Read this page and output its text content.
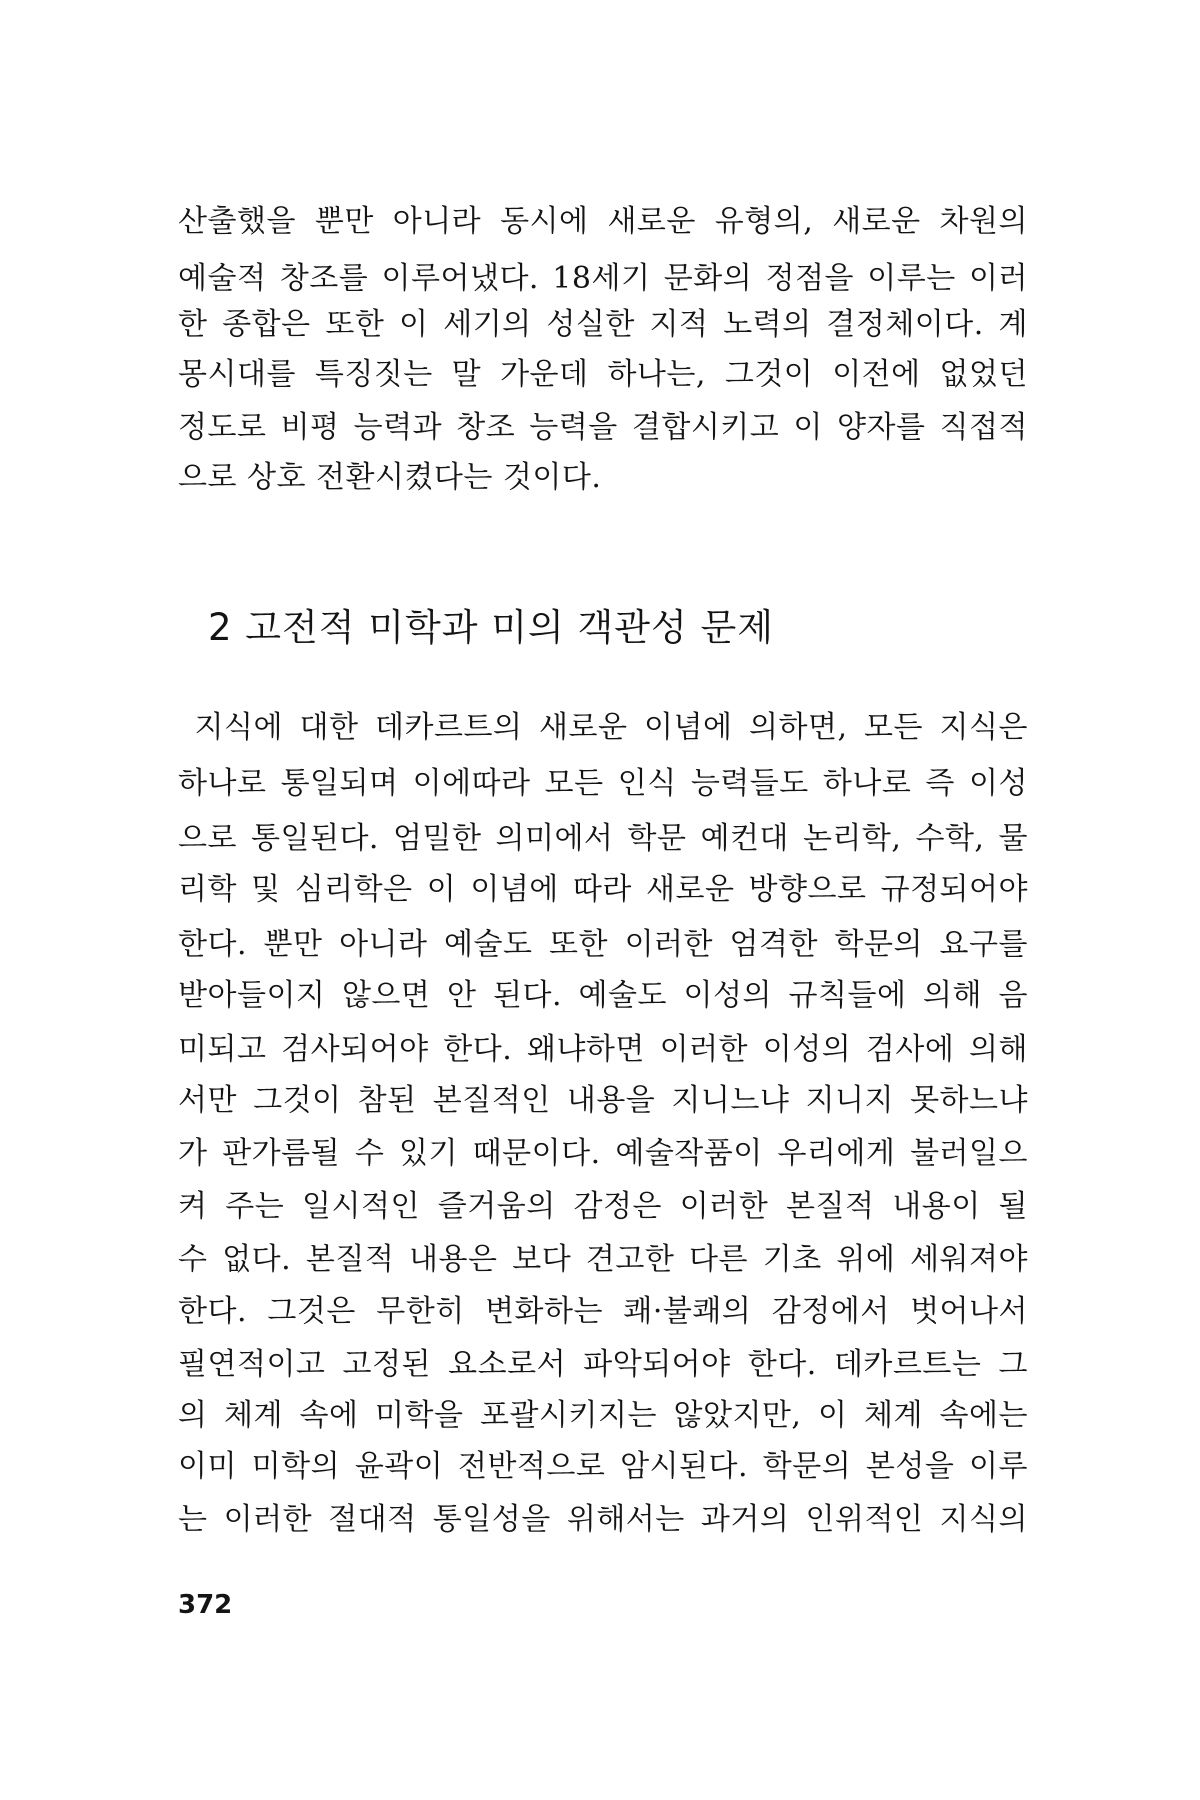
산출했을 뿐만 아니라 동시에 새로운 유형의, 새로운 차원의
예술적 창조를 이루어냈다. 18세기 문화의 정점을 이루는 이러
한 종합은 또한 이 세기의 성실한 지적 노력의 결정체이다. 계
몽시대를 특징짓는 말 가운데 하나는, 그것이 이전에 없었던
정도로 비평 능력과 창조 능력을 결합시키고 이 양자를 직접적
으로 상호 전환시켰다는 것이다.
2 고전적 미학과 미의 객관성 문제
지식에 대한 데카르트의 새로운 이념에 의하면, 모든 지식은
하나로 통일되며 이에따라 모든 인식 능력들도 하나로 즉 이성
으로 통일된다. 엄밀한 의미에서 학문 예컨대 논리학, 수학, 물
리학 및 심리학은 이 이념에 따라 새로운 방향으로 규정되어야
한다. 뿐만 아니라 예술도 또한 이러한 엄격한 학문의 요구를
받아들이지 않으면 안 된다. 예술도 이성의 규칙들에 의해 음
미되고 검사되어야 한다. 왜냐하면 이러한 이성의 검사에 의해
서만 그것이 참된 본질적인 내용을 지니느냐 지니지 못하느냐
가 판가름될 수 있기 때문이다. 예술작품이 우리에게 불러일으
켜 주는 일시적인 즐거움의 감정은 이러한 본질적 내용이 될
수 없다. 본질적 내용은 보다 견고한 다른 기초 위에 세워져야
한다. 그것은 무한히 변화하는 쾌·불쾌의 감정에서 벗어나서
필연적이고 고정된 요소로서 파악되어야 한다. 데카르트는 그
의 체계 속에 미학을 포괄시키지는 않았지만, 이 체계 속에는
이미 미학의 윤곽이 전반적으로 암시된다. 학문의 본성을 이루
는 이러한 절대적 통일성을 위해서는 과거의 인위적인 지식의
372
